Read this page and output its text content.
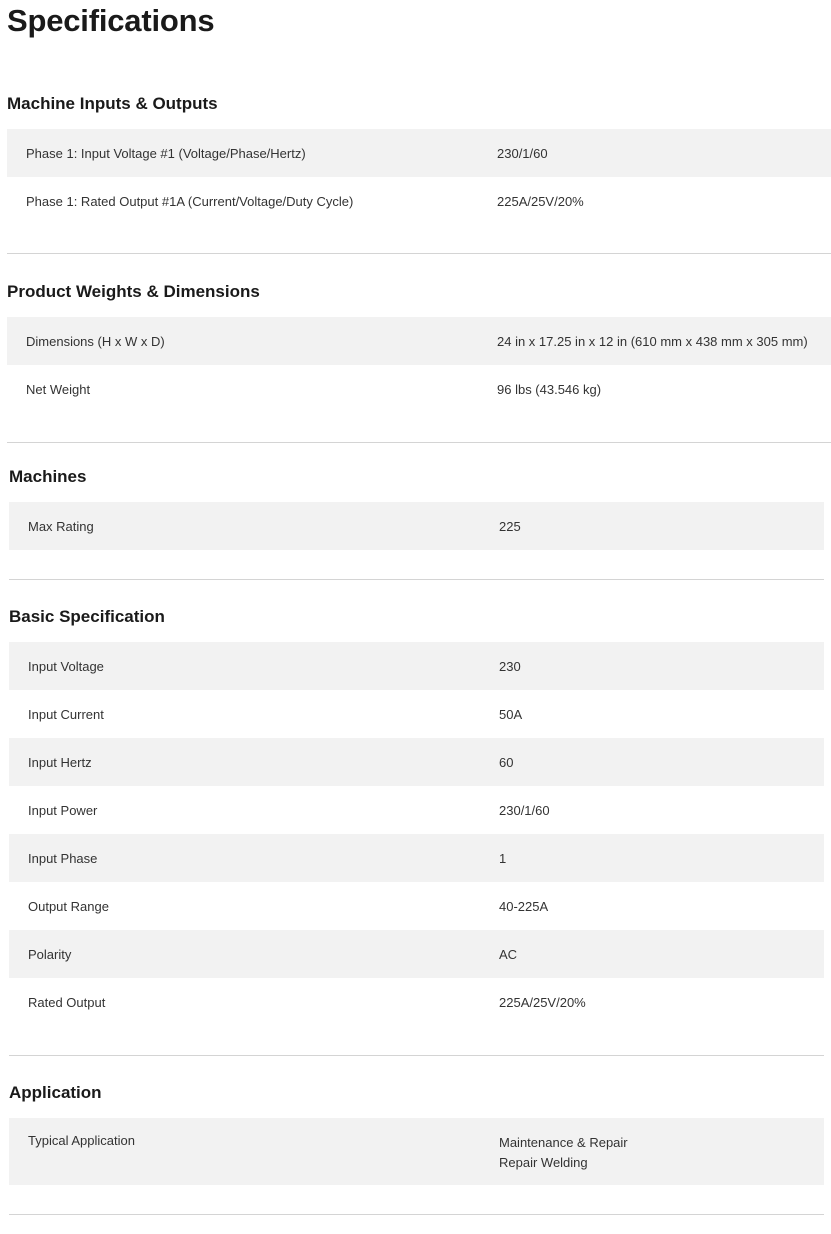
Specifications
Machine Inputs & Outputs
Phase 1: Input Voltage #1 (Voltage/Phase/Hertz)	230/1/60
Phase 1: Rated Output #1A (Current/Voltage/Duty Cycle)	225A/25V/20%
Product Weights & Dimensions
Dimensions (H x W x D)	24 in x 17.25 in x 12 in (610 mm x 438 mm x 305 mm)
Net Weight	96 lbs (43.546 kg)
Machines
Max Rating	225
Basic Specification
Input Voltage	230
Input Current	50A
Input Hertz	60
Input Power	230/1/60
Input Phase	1
Output Range	40-225A
Polarity	AC
Rated Output	225A/25V/20%
Application
Typical Application	Maintenance & Repair
Repair Welding
